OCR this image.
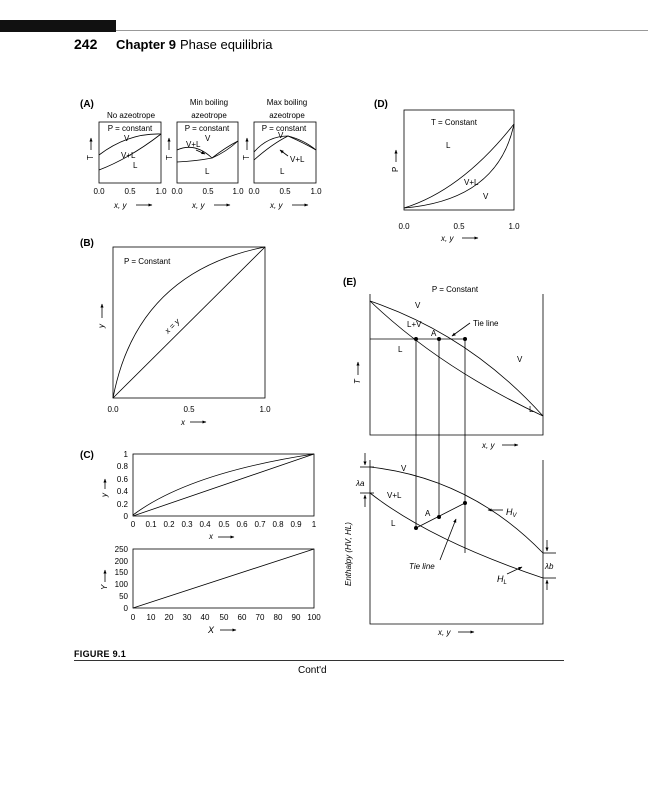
242 Chapter 9 Phase equilibria
(A)
No azeotrope
P = constant
V
V+L
L
T
0.0 0.5 1.0
x, y
Min boiling
azeotrope
P = constant
V
V+L
L
T
0.0 0.5 1.0
x, y
Max boiling
azeotrope
P = constant
V
V+L
L
T
0.0 0.5 1.0
x, y
(D)
T = Constant
L
V+L
V
P
0.0	0.5	1.0
x, y
(B)
P = Constant
x = y
y
0.0	0.5	1.0
x
(C)	1
0.8
0.6
0.4
0.2
0
0 0.1 0.2 0.3 0.4 0.5 0.6 0.7 0.8 0.9 1
y
x
250
200
150
100
50
0
0 10 20 30 40 50 60 70 80 90 100
Y
X
(E)
P = Constant
V
L+V
A
Tie line
L
V
L
T
x, y
λa
λb
V
V+L
L
A	$H_V$
$H_L$
Tie line
Enthalpy (HV, HL)
x, y
FIGURE 9.1
Cont'd
